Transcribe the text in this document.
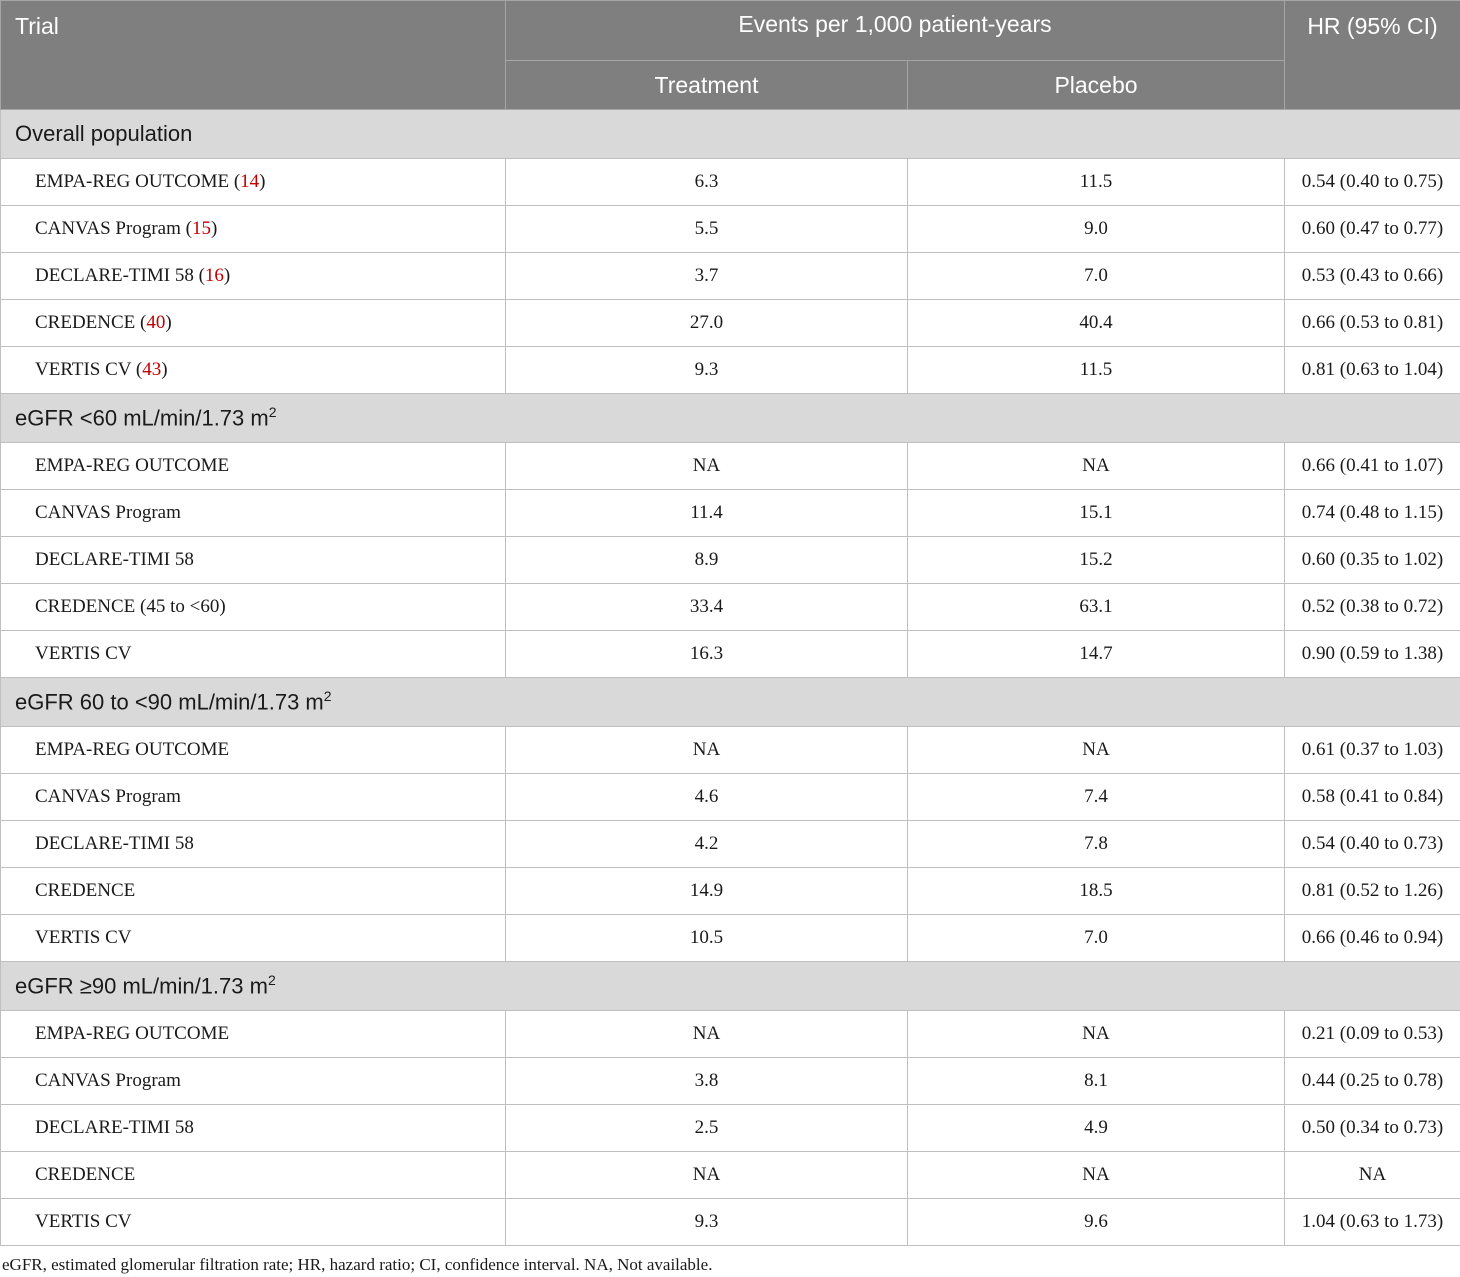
Trial	Events per 1,000 patient-years		HR (95% CI)
	Treatment	Placebo	
Overall population			
EMPA-REG OUTCOME (14)	6.3	11.5	0.54 (0.40 to 0.75)
CANVAS Program (15)	5.5	9.0	0.60 (0.47 to 0.77)
DECLARE-TIMI 58 (16)	3.7	7.0	0.53 (0.43 to 0.66)
CREDENCE (40)	27.0	40.4	0.66 (0.53 to 0.81)
VERTIS CV (43)	9.3	11.5	0.81 (0.63 to 1.04)
eGFR <60 mL/min/1.73 $m^2$
EMPA-REG OUTCOME	NA	NA	0.66 (0.41 to 1.07)
CANVAS Program	11.4	15.1	0.74 (0.48 to 1.15)
DECLARE-TIMI 58	8.9	15.2	0.60 (0.35 to 1.02)
CREDENCE (45 to <60)	33.4	63.1	0.52 (0.38 to 0.72)
VERTIS CV	16.3	14.7	0.90 (0.59 to 1.38)
eGFR 60 to <90 mL/min/1.73 $m^2$
EMPA-REG OUTCOME	NA	NA	0.61 (0.37 to 1.03)
CANVAS Program	4.6	7.4	0.58 (0.41 to 0.84)
DECLARE-TIMI 58	4.2	7.8	0.54 (0.40 to 0.73)
CREDENCE	14.9	18.5	0.81 (0.52 to 1.26)
VERTIS CV	10.5	7.0	0.66 (0.46 to 0.94)
eGFR ≥90 mL/min/1.73 $m^2$
EMPA-REG OUTCOME	NA	NA	0.21 (0.09 to 0.53)
CANVAS Program	3.8	8.1	0.44 (0.25 to 0.78)
DECLARE-TIMI 58	2.5	4.9	0.50 (0.34 to 0.73)
CREDENCE	NA	NA	NA
VERTIS CV	9.3	9.6	1.04 (0.63 to 1.73)
eGFR, estimated glomerular filtration rate; HR, hazard ratio; CI, confidence interval. NA, Not available.
